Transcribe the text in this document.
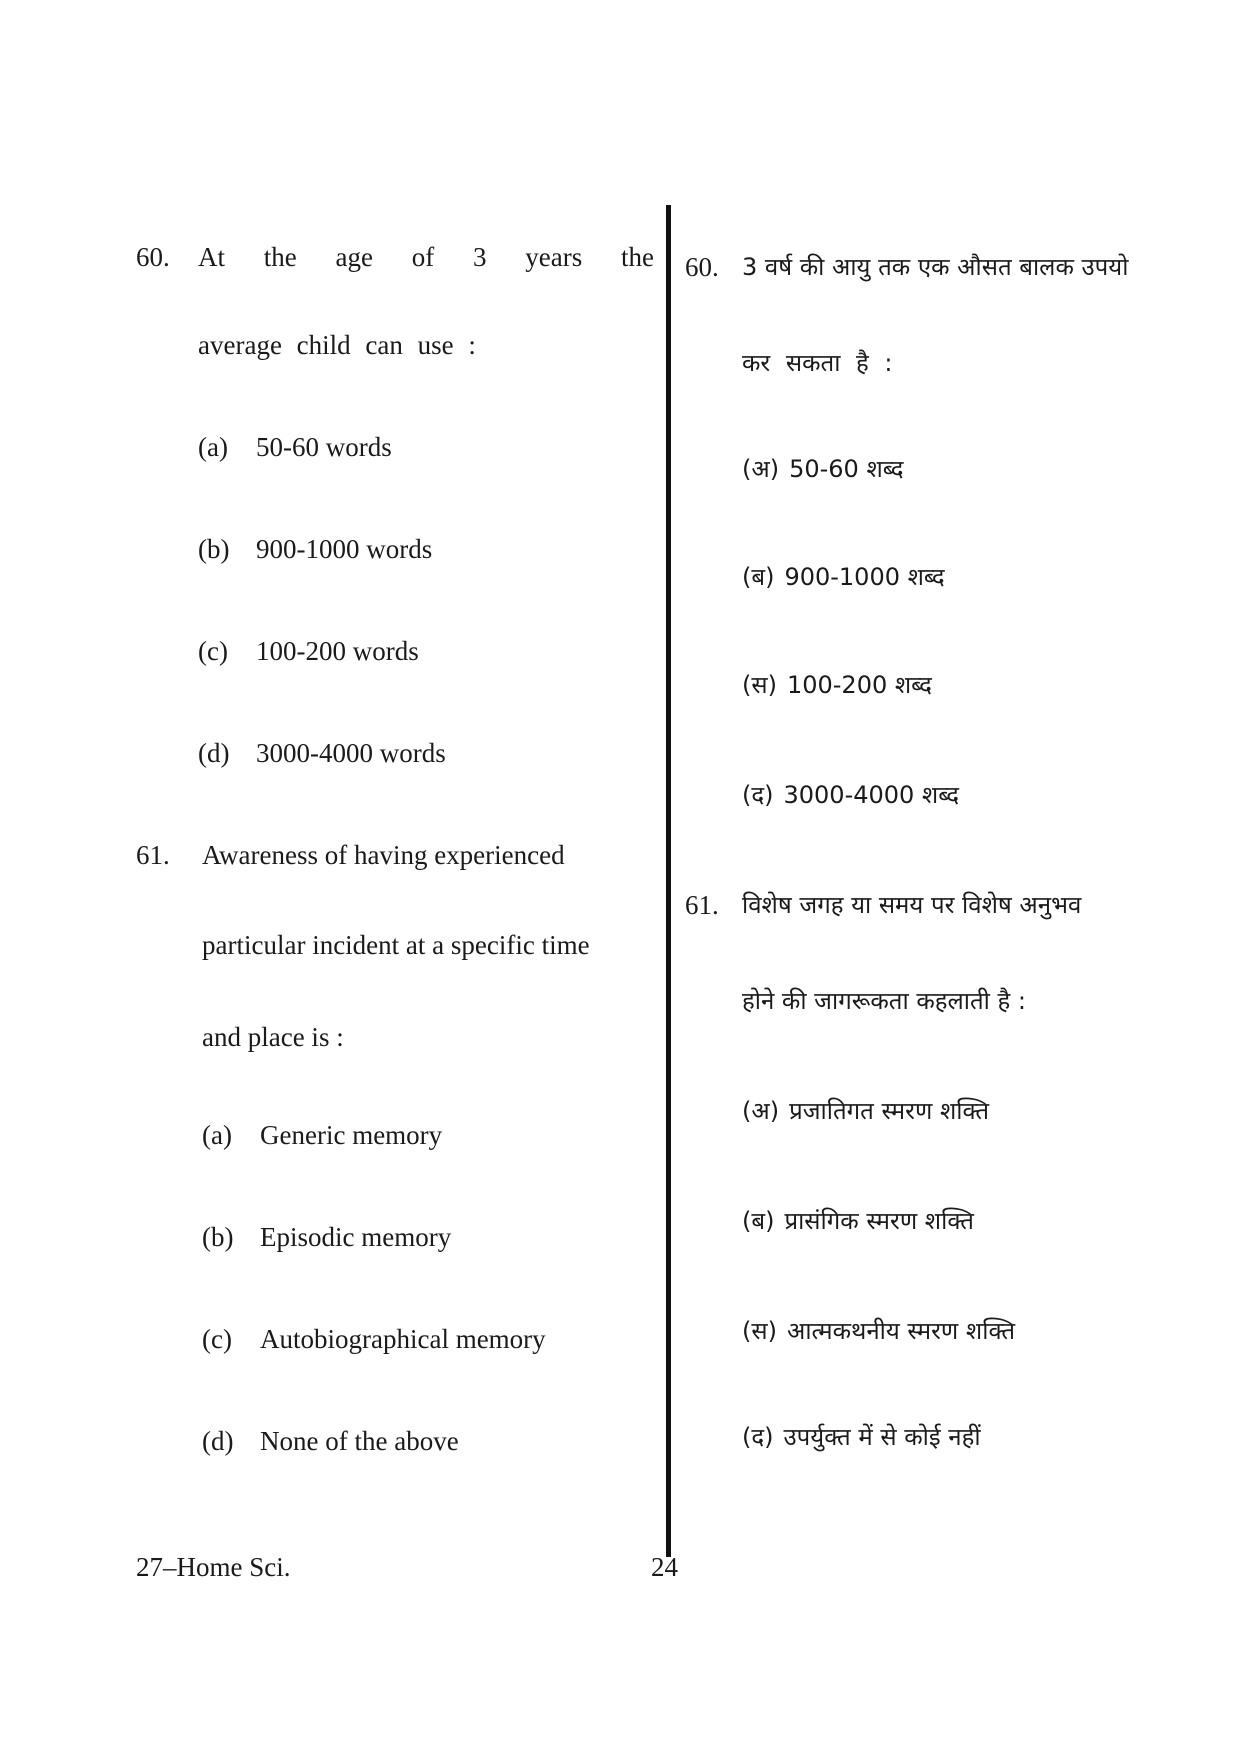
60. At the age of 3 years the
average child can use :
(a) 50-60 words
(b) 900-1000 words
(c) 100-200 words
(d) 3000-4000 words
61. Awareness of having experienced
particular incident at a specific time
and place is :
(a) Generic memory
(b) Episodic memory
(c) Autobiographical memory
(d) None of the above
60. 3 वर्ष की आयु तक एक औसत बालक उपयो
कर सकता है :
(अ) 50-60 शब्द
(ब) 900-1000 शब्द
(स) 100-200 शब्द
(द) 3000-4000 शब्द
61. विशेष जगह या समय पर विशेष अनुभव
होने की जागरूकता कहलाती है :
(अ) प्रजातिगत स्मरण शक्ति
(ब) प्रासंगिक स्मरण शक्ति
(स) आत्मकथनीय स्मरण शक्ति
(द) उपर्युक्त में से कोई नहीं
27–Home Sci.	24
